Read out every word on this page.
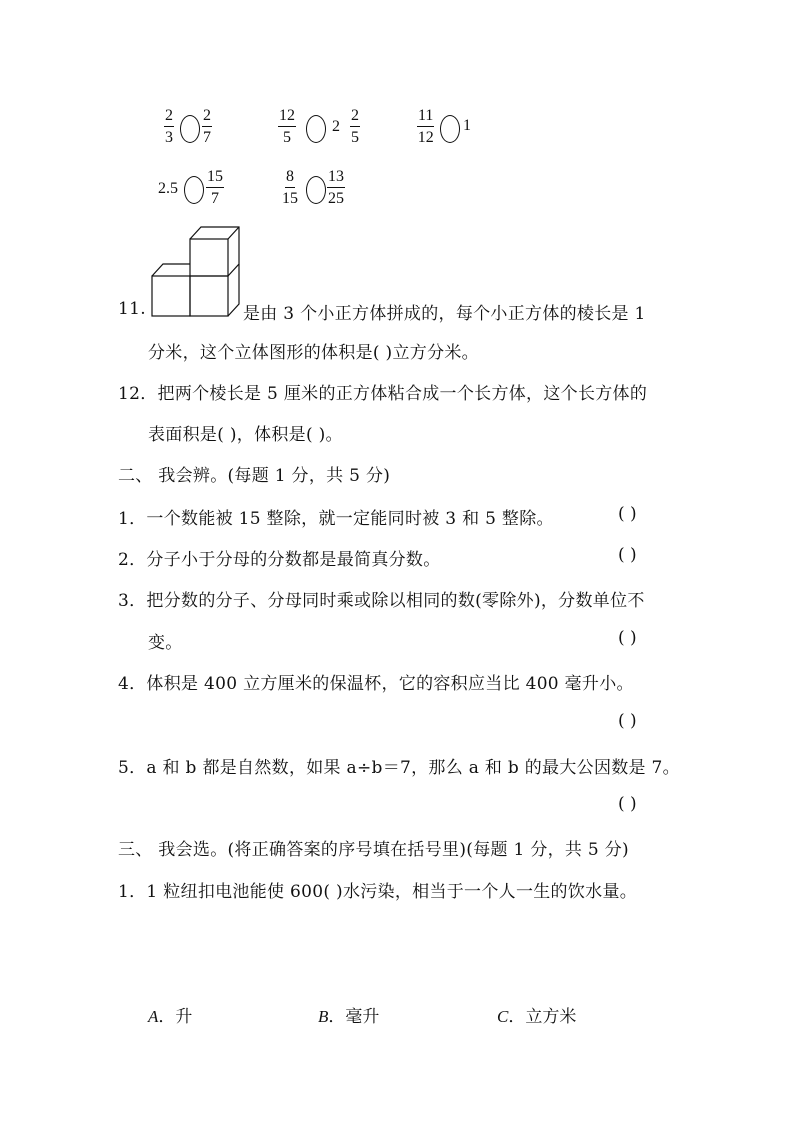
$\frac{2}{3} \frac{2}{7}$	$\frac{12}{5} 2 \frac{2}{5}$	$\frac{11}{12} 1$
$2.5 \frac{15}{7}$	$\frac{8}{15} \frac{13}{25}$
11.	是由 3 个小正方体拼成的，每个小正方体的棱长是 1
分米，这个立体图形的体积是( )立方分米。
12．把两个棱长是 5 厘米的正方体粘合成一个长方体，这个长方体的
表面积是( )，体积是( )。
二、 我会辨。(每题 1 分，共 5 分)
1．一个数能被 15 整除，就一定能同时被 3 和 5 整除。	( )
2．分子小于分母的分数都是最简真分数。	( )
3．把分数的分子、分母同时乘或除以相同的数(零除外)，分数单位不
变。	( )
4．体积是 400 立方厘米的保温杯，它的容积应当比 400 毫升小。
( )
5．a 和 b 都是自然数，如果 a÷b＝7，那么 a 和 b 的最大公因数是 7。
( )
三、 我会选。(将正确答案的序号填在括号里)(每题 1 分，共 5 分)
1．1 粒纽扣电池能使 600( )水污染，相当于一个人一生的饮水量。
A．升	B．毫升	C．立方米
